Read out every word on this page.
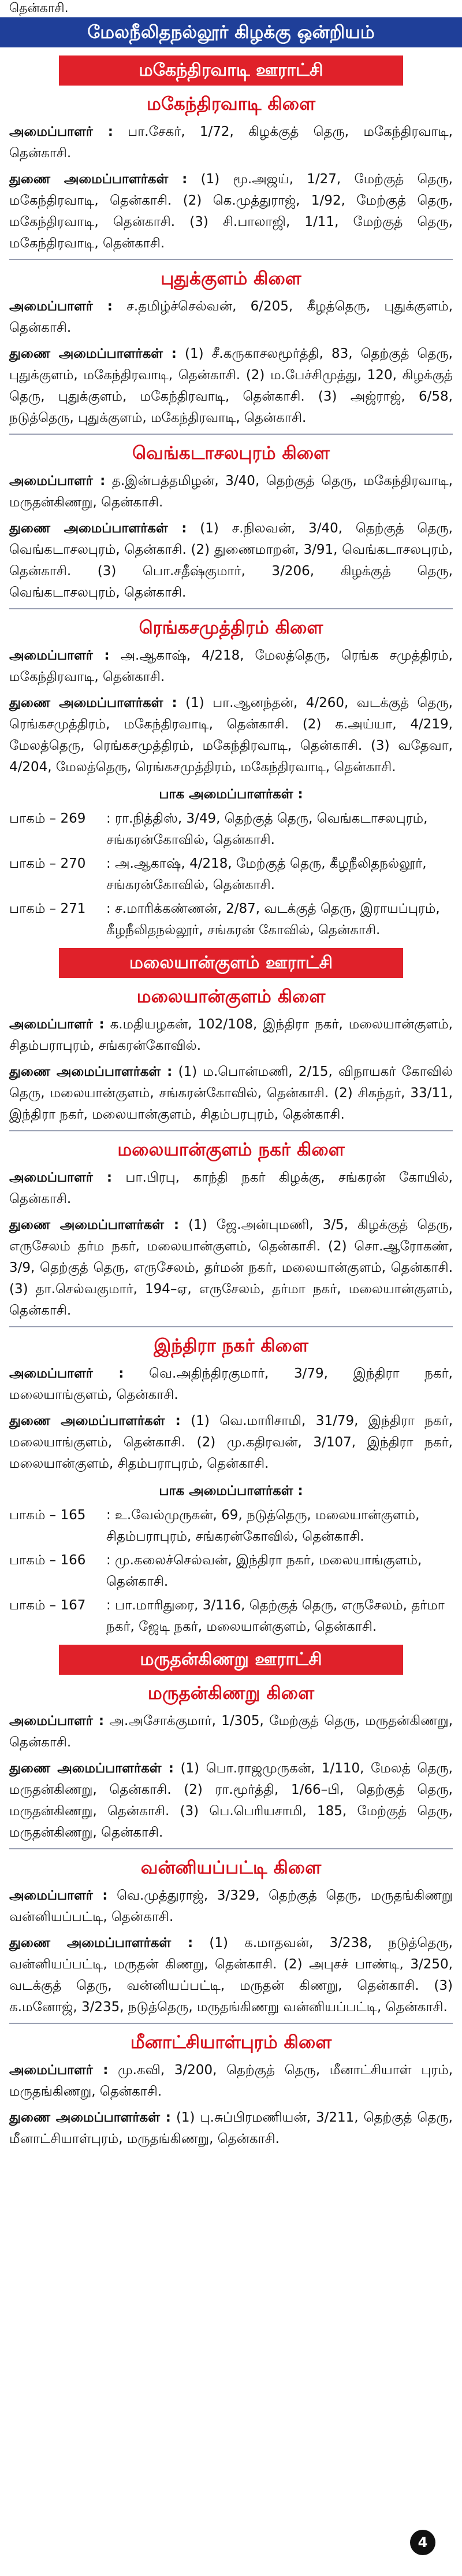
தென்காசி.
மேலநீலிதநல்லூர் கிழக்கு ஒன்றியம்
மகேந்திரவாடி ஊராட்சி
மகேந்திரவாடி கிளை

அமைப்பாளர் : பா.சேகர், 1/72, கிழக்குத் தெரு, மகேந்திரவாடி, தென்காசி.

துணை அமைப்பாளர்கள் : (1) மூ.அஜய், 1/27, மேற்குத் தெரு, மகேந்திரவாடி, தென்காசி. (2) கெ.முத்துராஜ், 1/92, மேற்குத் தெரு, மகேந்திரவாடி, தென்காசி. (3) சி.பாலாஜி, 1/11, மேற்குத் தெரு, மகேந்திரவாடி, தென்காசி.

புதுக்குளம் கிளை

அமைப்பாளர் : ச.தமிழ்ச்செல்வன், 6/205, கீழத்தெரு, புதுக்குளம், தென்காசி.

துணை அமைப்பாளர்கள் : (1) சீ.கருகாசலமூர்த்தி, 83, தெற்குத் தெரு, புதுக்குளம், மகேந்திரவாடி, தென்காசி. (2) ம.பேச்சிமுத்து, 120, கிழக்குத் தெரு, புதுக்குளம், மகேந்திரவாடி, தென்காசி. (3) அஜ்ராஜ், 6/58, நடுத்தெரு, புதுக்குளம், மகேந்திரவாடி, தென்காசி.

வெங்கடாசலபுரம் கிளை

அமைப்பாளர் : த.இன்பத்தமிழன், 3/40, தெற்குத் தெரு, மகேந்திரவாடி, மருதன்கிணறு, தென்காசி.

துணை அமைப்பாளர்கள் : (1) ச.நிலவன், 3/40, தெற்குத் தெரு, வெங்கடாசலபுரம், தென்காசி. (2) துணைமாறன், 3/91, வெங்கடாசலபுரம், தென்காசி. (3) பொ.சதீஷ்குமார், 3/206, கிழக்குத் தெரு, வெங்கடாசலபுரம், தென்காசி.

ரெங்கசமுத்திரம் கிளை

அமைப்பாளர் : அ.ஆகாஷ், 4/218, மேலத்தெரு, ரெங்க சமுத்திரம், மகேந்திரவாடி, தென்காசி.

துணை அமைப்பாளர்கள் : (1) பா.ஆனந்தன், 4/260, வடக்குத் தெரு, ரெங்கசமுத்திரம், மகேந்திரவாடி, தென்காசி. (2) க.அய்யா, 4/219, மேலத்தெரு, ரெங்கசமுத்திரம், மகேந்திரவாடி, தென்காசி. (3) வதேவா, 4/204, மேலத்தெரு, ரெங்கசமுத்திரம், மகேந்திரவாடி, தென்காசி.

பாக அமைப்பாளர்கள் :
பாகம் – 269	: ரா.நித்திஸ், 3/49, தெற்குத் தெரு, வெங்கடாசலபுரம், சங்கரன்கோவில், தென்காசி.
பாகம் – 270	: அ.ஆகாஷ், 4/218, மேற்குத் தெரு, கீழநீலிதநல்லூர், சங்கரன்கோவில், தென்காசி.
பாகம் – 271	: ச.மாரிக்கண்ணன், 2/87, வடக்குத் தெரு, இராயப்புரம், கீழநீலிதநல்லூர், சங்கரன் கோவில், தென்காசி.
மலையான்குளம் ஊராட்சி
மலையான்குளம் கிளை

அமைப்பாளர் : க.மதியழகன், 102/108, இந்திரா நகர், மலையான்குளம், சிதம்பராபுரம், சங்கரன்கோவில்.

துணை அமைப்பாளர்கள் : (1) ம.பொன்மணி, 2/15, விநாயகர் கோவில் தெரு, மலையான்குளம், சங்கரன்கோவில், தென்காசி. (2) சிகந்தர், 33/11, இந்திரா நகர், மலையான்குளம், சிதம்பரபுரம், தென்காசி.

மலையான்குளம் நகர் கிளை

அமைப்பாளர் : பா.பிரபு, காந்தி நகர் கிழக்கு, சங்கரன் கோயில், தென்காசி.

துணை அமைப்பாளர்கள் : (1) ஜே.அன்புமணி, 3/5, கிழக்குத் தெரு, எருசேலம் தர்ம நகர், மலையான்குளம், தென்காசி. (2) சொ.ஆரோகண், 3/9, தெற்குத் தெரு, எருசேலம், தர்மன் நகர், மலையான்குளம், தென்காசி. (3) தா.செல்வகுமார், 194–ஏ, எருசேலம், தர்மா நகர், மலையான்குளம், தென்காசி.

இந்திரா நகர் கிளை

அமைப்பாளர் : வெ.அதிந்திரகுமார், 3/79, இந்திரா நகர், மலையாங்குளம், தென்காசி.

துணை அமைப்பாளர்கள் : (1) வெ.மாரிசாமி, 31/79, இந்திரா நகர், மலையாங்குளம், தென்காசி. (2) மு.கதிரவன், 3/107, இந்திரா நகர், மலையான்குளம், சிதம்பராபுரம், தென்காசி.

பாக அமைப்பாளர்கள் :
பாகம் – 165	: உ.வேல்முருகன், 69, நடுத்தெரு, மலையான்குளம், சிதம்பராபுரம், சங்கரன்கோவில், தென்காசி.
பாகம் – 166	: மு.கலைச்செல்வன், இந்திரா நகர், மலையாங்குளம், தென்காசி.
பாகம் – 167	: பா.மாரிதுரை, 3/116, தெற்குத் தெரு, எருசேலம், தர்மா நகர், ஜேடி நகர், மலையான்குளம், தென்காசி.
மருதன்கிணறு ஊராட்சி
மருதன்கிணறு கிளை

அமைப்பாளர் : அ.அசோக்குமார், 1/305, மேற்குத் தெரு, மருதன்கிணறு, தென்காசி.

துணை அமைப்பாளர்கள் : (1) பொ.ராஜமுருகன், 1/110, மேலத் தெரு, மருதன்கிணறு, தென்காசி. (2) ரா.மூர்த்தி, 1/66–பி, தெற்குத் தெரு, மருதன்கிணறு, தென்காசி. (3) பெ.பெரியசாமி, 185, மேற்குத் தெரு, மருதன்கிணறு, தென்காசி.

வன்னியப்பட்டி கிளை

அமைப்பாளர் : வெ.முத்துராஜ், 3/329, தெற்குத் தெரு, மருதங்கிணறு வன்னியப்பட்டி, தென்காசி.

துணை அமைப்பாளர்கள் : (1) க.மாதவன், 3/238, நடுத்தெரு, வன்னியப்பட்டி, மருதன் கிணறு, தென்காசி. (2) அபுசச் பாண்டி, 3/250, வடக்குத் தெரு, வன்னியப்பட்டி, மருதன் கிணறு, தென்காசி. (3) க.மனோஜ், 3/235, நடுத்தெரு, மருதங்கிணறு வன்னியப்பட்டி, தென்காசி.

மீனாட்சியாள்புரம் கிளை

அமைப்பாளர் : மு.கவி, 3/200, தெற்குத் தெரு, மீனாட்சியாள் புரம், மருதங்கிணறு, தென்காசி.

துணை அமைப்பாளர்கள் : (1) பு.சுப்பிரமணியன், 3/211, தெற்குத் தெரு, மீனாட்சியாள்புரம், மருதங்கிணறு, தென்காசி.

4
